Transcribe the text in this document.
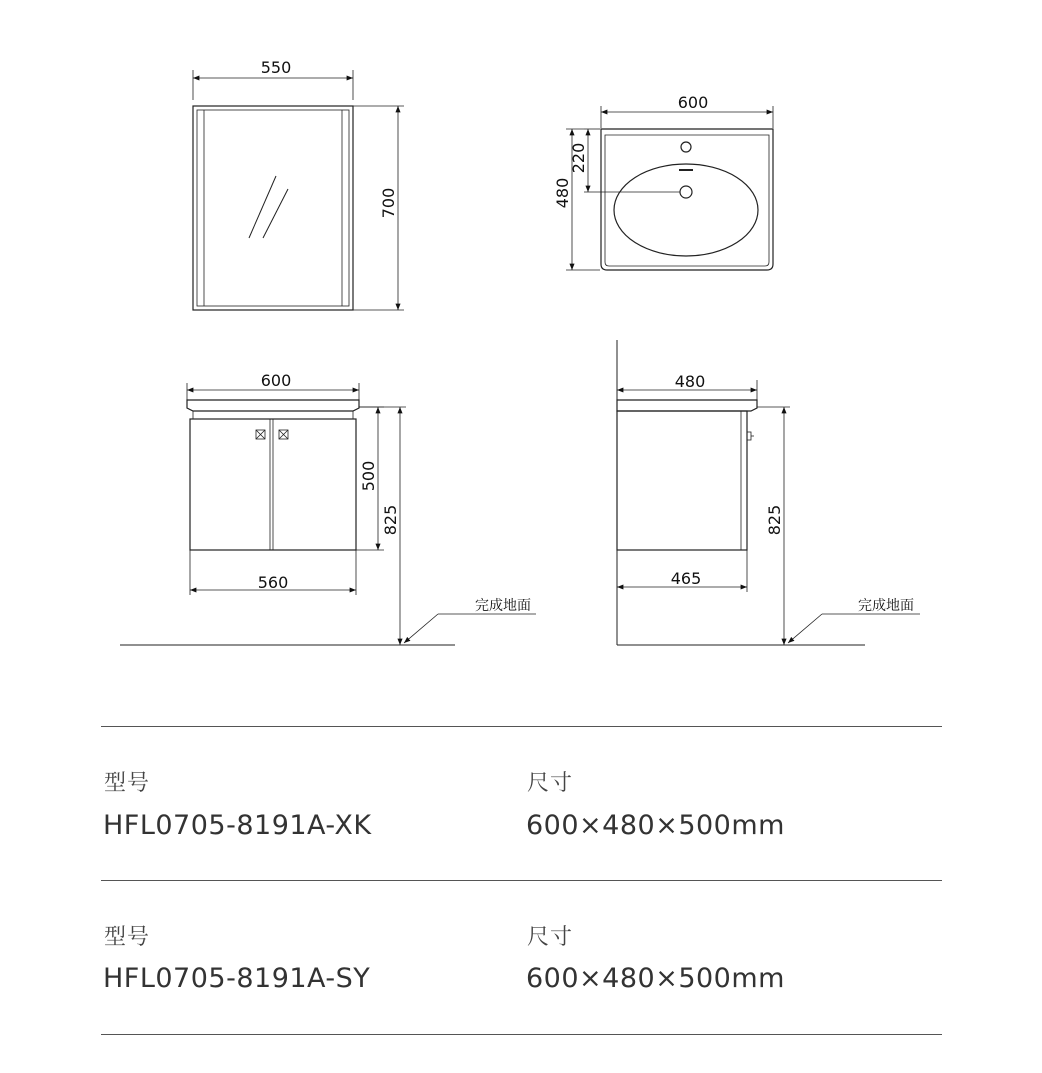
550
700
600
220
480
600
560
500
825
完成地面
480
465
825
完成地面
型号	尺寸
HFL0705-8191A-XK	600×480×500mm
型号	尺寸
HFL0705-8191A-SY	600×480×500mm
